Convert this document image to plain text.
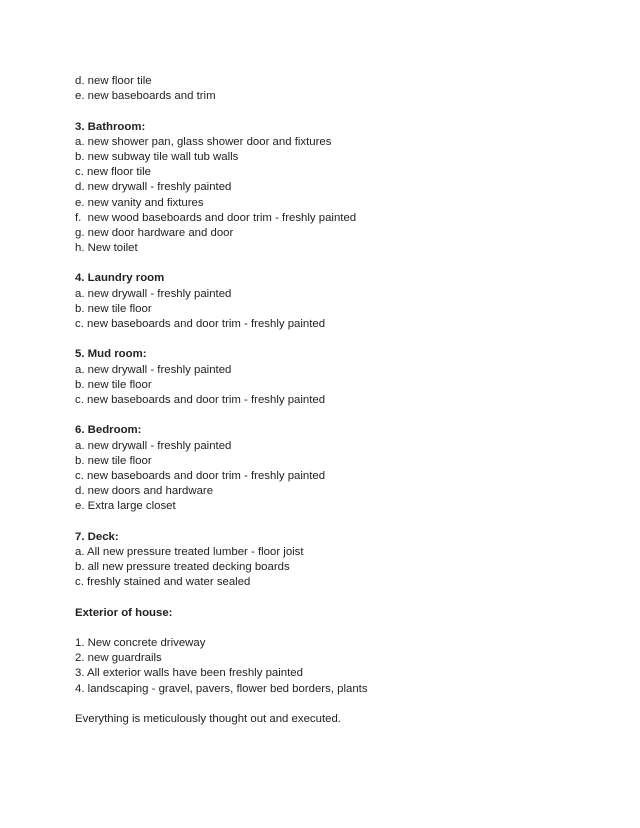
d. new floor tile

e. new baseboards and trim

3. Bathroom:

a. new shower pan, glass shower door and fixtures

b. new subway tile wall tub walls

c. new floor tile

d. new drywall - freshly painted

e. new vanity and fixtures

f.  new wood baseboards and door trim - freshly painted

g. new door hardware and door

h. New toilet

4. Laundry room

a. new drywall - freshly painted

b. new tile floor

c. new baseboards and door trim - freshly painted

5. Mud room:

a. new drywall - freshly painted

b. new tile floor

c. new baseboards and door trim - freshly painted

6. Bedroom:

a. new drywall - freshly painted

b. new tile floor

c. new baseboards and door trim - freshly painted

d. new doors and hardware

e. Extra large closet

7. Deck:

a. All new pressure treated lumber - floor joist

b. all new pressure treated decking boards

c. freshly stained and water sealed

Exterior of house:

1. New concrete driveway

2. new guardrails

3. All exterior walls have been freshly painted

4. landscaping - gravel, pavers, flower bed borders, plants

Everything is meticulously thought out and executed.
